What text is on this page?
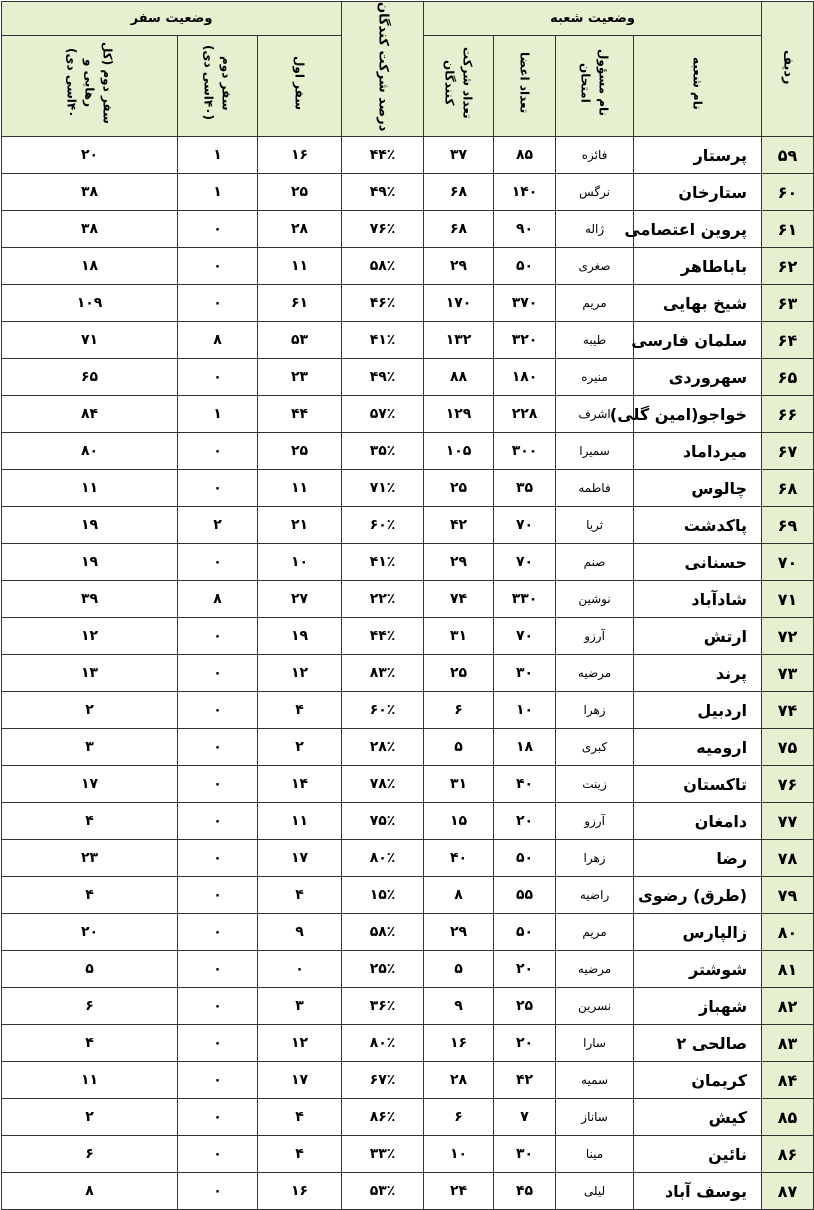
ردیف	وضعیت شعبه				درصد شرکت کندگان	وضعیت سفر		
	نام شعبه	نام مسؤول امتحان	تعداد اعضا	تعداد شرکت کنندگان		سفر اول	سفر دوم (۴۰اسی دی)	سفر دوم (کل رهایی و ۴۰اسی دی)
۵۹	پرستار	فائزه	۸۵	۳۷	۴۴٪	۱۶	۱	۲۰
۶۰	ستارخان	نرگس	۱۴۰	۶۸	۴۹٪	۲۵	۱	۳۸
۶۱	پروین اعتصامی	ژاله	۹۰	۶۸	۷۶٪	۲۸	۰	۳۸
۶۲	باباطاهر	صغری	۵۰	۲۹	۵۸٪	۱۱	۰	۱۸
۶۳	شیخ بهایی	مریم	۳۷۰	۱۷۰	۴۶٪	۶۱	۰	۱۰۹
۶۴	سلمان فارسی	طیبه	۳۲۰	۱۳۲	۴۱٪	۵۳	۸	۷۱
۶۵	سهروردی	منیره	۱۸۰	۸۸	۴۹٪	۲۳	۰	۶۵
۶۶	خواجو(امین گلی)	اشرف	۲۲۸	۱۲۹	۵۷٪	۴۴	۱	۸۴
۶۷	میرداماد	سمیرا	۳۰۰	۱۰۵	۳۵٪	۲۵	۰	۸۰
۶۸	چالوس	فاطمه	۳۵	۲۵	۷۱٪	۱۱	۰	۱۱
۶۹	پاکدشت	ثریا	۷۰	۴۲	۶۰٪	۲۱	۲	۱۹
۷۰	حسنانی	صنم	۷۰	۲۹	۴۱٪	۱۰	۰	۱۹
۷۱	شادآباد	نوشین	۳۳۰	۷۴	۲۲٪	۲۷	۸	۳۹
۷۲	ارتش	آرزو	۷۰	۳۱	۴۴٪	۱۹	۰	۱۲
۷۳	پرند	مرضیه	۳۰	۲۵	۸۳٪	۱۲	۰	۱۳
۷۴	اردبیل	زهرا	۱۰	۶	۶۰٪	۴	۰	۲
۷۵	ارومیه	کبری	۱۸	۵	۲۸٪	۲	۰	۳
۷۶	تاکستان	زینت	۴۰	۳۱	۷۸٪	۱۴	۰	۱۷
۷۷	دامغان	آرزو	۲۰	۱۵	۷۵٪	۱۱	۰	۴
۷۸	رضا	زهرا	۵۰	۴۰	۸۰٪	۱۷	۰	۲۳
۷۹	(طرق) رضوی	راضیه	۵۵	۸	۱۵٪	۴	۰	۴
۸۰	زالپارس	مریم	۵۰	۲۹	۵۸٪	۹	۰	۲۰
۸۱	شوشتر	مرضیه	۲۰	۵	۲۵٪	۰	۰	۵
۸۲	شهباز	نسرین	۲۵	۹	۳۶٪	۳	۰	۶
۸۳	صالحی ۲	سارا	۲۰	۱۶	۸۰٪	۱۲	۰	۴
۸۴	کریمان	سمیه	۴۲	۲۸	۶۷٪	۱۷	۰	۱۱
۸۵	کیش	ساناز	۷	۶	۸۶٪	۴	۰	۲
۸۶	نائین	مینا	۳۰	۱۰	۳۳٪	۴	۰	۶
۸۷	یوسف آباد	لیلی	۴۵	۲۴	۵۳٪	۱۶	۰	۸
